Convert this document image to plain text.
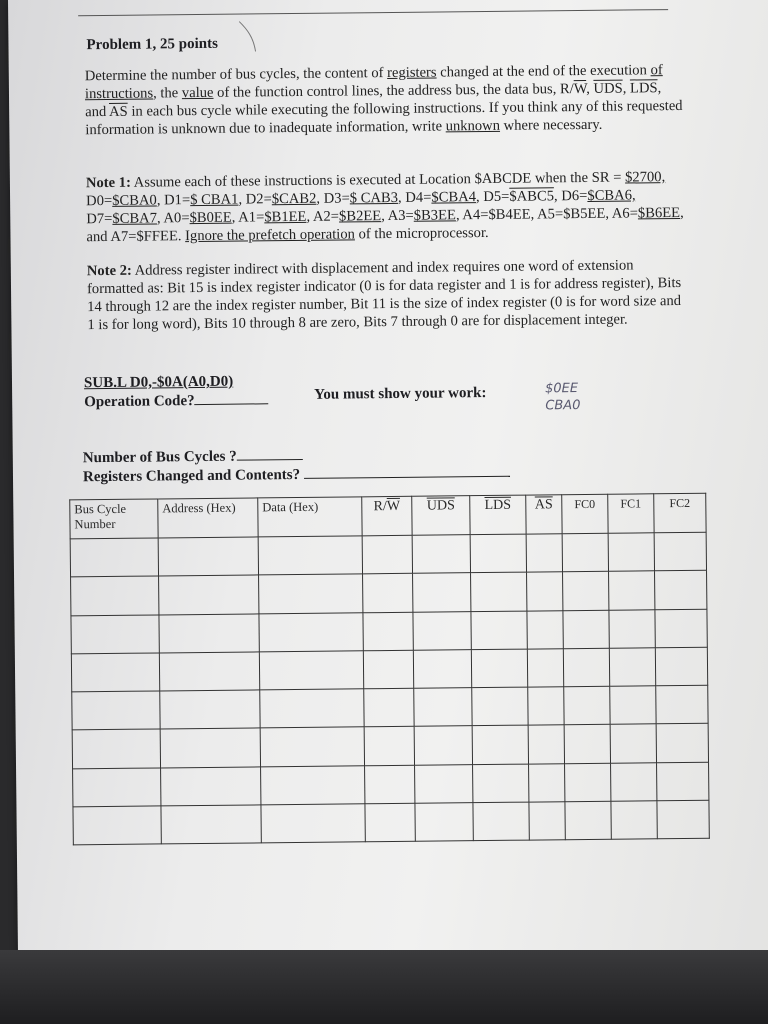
Problem 1, 25 points
Determine the number of bus cycles, the content of registers changed at the end of the execution of instructions, the value of the function control lines, the address bus, the data bus, $R/\overline{W}$, $\overline{UDS}$, $\overline{LDS}$, and $\overline{AS}$ in each bus cycle while executing the following instructions. If you think any of this requested information is unknown due to inadequate information, write unknown where necessary.
Note 1: Assume each of these instructions is executed at Location $ABCDE when the SR = $2700, D0=$CBA0, D1=$ CBA1, D2=$CAB2, D3=$ CAB3, D4=$CBA4, D5=$ABC5, D6=$CBA6, D7=$CBA7, A0=$B0EE, A1=$B1EE, A2=$B2EE, A3=$B3EE, A4=$B4EE, A5=$B5EE, A6=$B6EE, and A7=$FFEE. Ignore the prefetch operation of the microprocessor.
Note 2: Address register indirect with displacement and index requires one word of extension formatted as: Bit 15 is index register indicator (0 is for data register and 1 is for address register), Bits 14 through 12 are the index register number, Bit 11 is the size of index register (0 is for word size and 1 is for long word), Bits 10 through 8 are zero, Bits 7 through 0 are for displacement integer.
SUB.L D0,-$0A(A0,D0)
Operation Code?	You must show your work:	$0EE
CBA0
Number of Bus Cycles ?
Registers Changed and Contents?
Bus Cycle Number	Address (Hex)	Data (Hex)	$R/\overline{W}$	$\overline{UDS}$	$\overline{LDS}$	$\overline{AS}$	FC0	FC1	FC2
